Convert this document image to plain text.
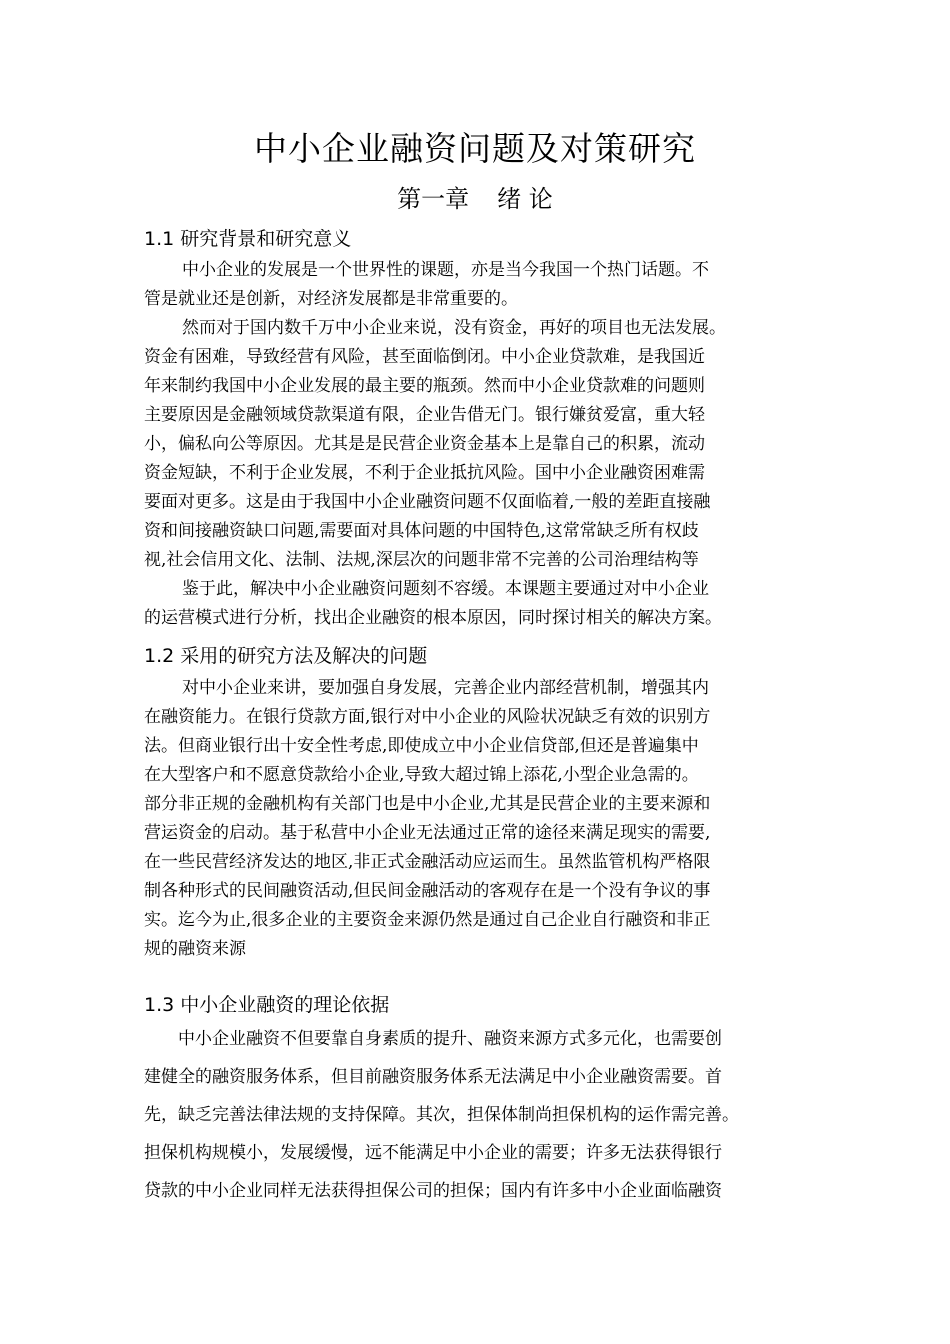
中小企业融资问题及对策研究
第一章 绪 论
1.1 研究背景和研究意义
中小企业的发展是一个世界性的课题，亦是当今我国一个热门话题。不
管是就业还是创新，对经济发展都是非常重要的。
然而对于国内数千万中小企业来说，没有资金，再好的项目也无法发展。
资金有困难，导致经营有风险，甚至面临倒闭。中小企业贷款难，是我国近
年来制约我国中小企业发展的最主要的瓶颈。然而中小企业贷款难的问题则
主要原因是金融领域贷款渠道有限，企业告借无门。银行嫌贫爱富，重大轻
小，偏私向公等原因。尤其是是民营企业资金基本上是靠自己的积累，流动
资金短缺，不利于企业发展，不利于企业抵抗风险。国中小企业融资困难需
要面对更多。这是由于我国中小企业融资问题不仅面临着,一般的差距直接融
资和间接融资缺口问题,需要面对具体问题的中国特色,这常常缺乏所有权歧
视,社会信用文化、法制、法规,深层次的问题非常不完善的公司治理结构等
鉴于此，解决中小企业融资问题刻不容缓。本课题主要通过对中小企业
的运营模式进行分析，找出企业融资的根本原因，同时探讨相关的解决方案。
1.2 采用的研究方法及解决的问题
对中小企业来讲，要加强自身发展，完善企业内部经营机制，增强其内
在融资能力。在银行贷款方面,银行对中小企业的风险状况缺乏有效的识别方
法。但商业银行出十安全性考虑,即使成立中小企业信贷部,但还是普遍集中
在大型客户和不愿意贷款给小企业,导致大超过锦上添花,小型企业急需的。
部分非正规的金融机构有关部门也是中小企业,尤其是民营企业的主要来源和
营运资金的启动。基于私营中小企业无法通过正常的途径来满足现实的需要,
在一些民营经济发达的地区,非正式金融活动应运而生。虽然监管机构严格限
制各种形式的民间融资活动,但民间金融活动的客观存在是一个没有争议的事
实。迄今为止,很多企业的主要资金来源仍然是通过自己企业自行融资和非正
规的融资来源
1.3 中小企业融资的理论依据
中小企业融资不但要靠自身素质的提升、融资来源方式多元化，也需要创
建健全的融资服务体系，但目前融资服务体系无法满足中小企业融资需要。首
先，缺乏完善法律法规的支持保障。其次，担保体制尚担保机构的运作需完善。
担保机构规模小，发展缓慢，远不能满足中小企业的需要；许多无法获得银行
贷款的中小企业同样无法获得担保公司的担保；国内有许多中小企业面临融资
